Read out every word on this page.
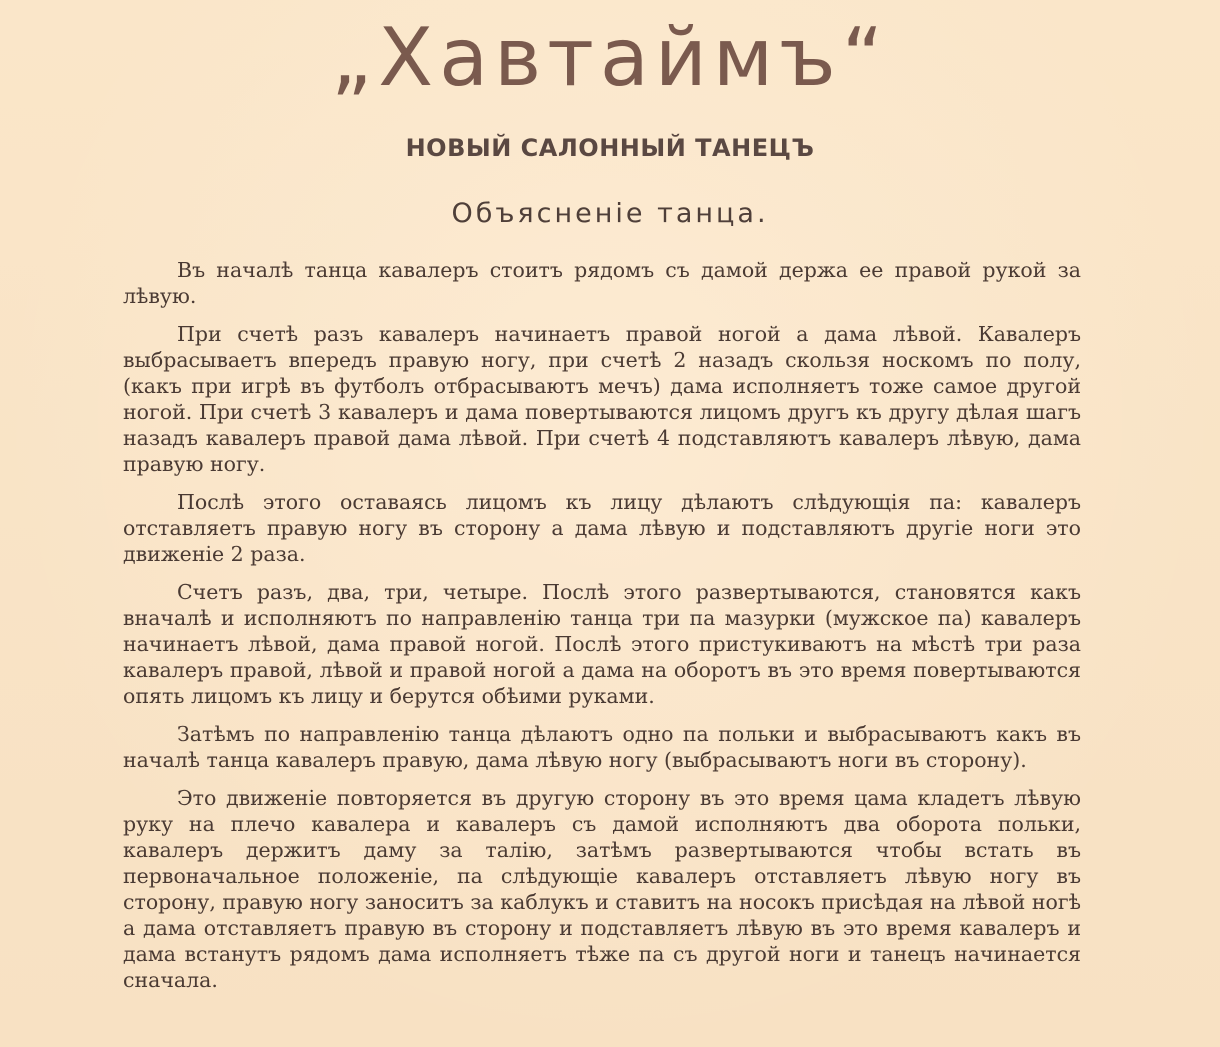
„Хавтаймъ“
НОВЫЙ САЛОННЫЙ ТАНЕЦЪ
Объясненіе танца.

Въ началѣ танца кавалеръ стоитъ рядомъ съ дамой держа ее правой рукой за лѣвую.

При счетѣ разъ кавалеръ начинаетъ правой ногой а дама лѣвой. Кавалеръ выбрасываетъ впередъ правую ногу, при счетѣ 2 назадъ скользя носкомъ по полу, (какъ при игрѣ въ футболъ отбрасываютъ мечъ) дама исполняетъ тоже самое другой ногой. При счетѣ 3 кавалеръ и дама повертываются лицомъ другъ къ другу дѣлая шагъ назадъ кавалеръ правой дама лѣвой. При счетѣ 4 подставляютъ кавалеръ лѣвую, дама правую ногу.

Послѣ этого оставаясь лицомъ къ лицу дѣлаютъ слѣдующія па: кавалеръ отставляетъ правую ногу въ сторону а дама лѣвую и подставляютъ другіе ноги это движеніе 2 раза.

Счетъ разъ, два, три, четыре. Послѣ этого развертываются, становятся какъ вначалѣ и исполняютъ по направленію танца три па мазурки (мужское па) кавалеръ начинаетъ лѣвой, дама правой ногой. Послѣ этого пристукиваютъ на мѣстѣ три раза кавалеръ правой, лѣвой и правой ногой а дама на оборотъ въ это время повертываются опять лицомъ къ лицу и берутся обѣими руками.

Затѣмъ по направленію танца дѣлаютъ одно па польки и выбрасываютъ какъ въ началѣ танца кавалеръ правую, дама лѣвую ногу (выбрасываютъ ноги въ сторону).

Это движеніе повторяется въ другую сторону въ это время цама кладетъ лѣвую руку на плечо кавалера и кавалеръ съ дамой исполняютъ два оборота польки, кавалеръ держитъ даму за талію, затѣмъ развертываются чтобы встать въ первоначальное положеніе, па слѣдующіе кавалеръ отставляетъ лѣвую ногу въ сторону, правую ногу заноситъ за каблукъ и ставитъ на носокъ присѣдая на лѣвой ногѣ а дама отставляетъ правую въ сторону и подставляетъ лѣвую въ это время кавалеръ и дама встанутъ рядомъ дама исполняетъ тѣже па съ другой ноги и танецъ начинается сначала.
